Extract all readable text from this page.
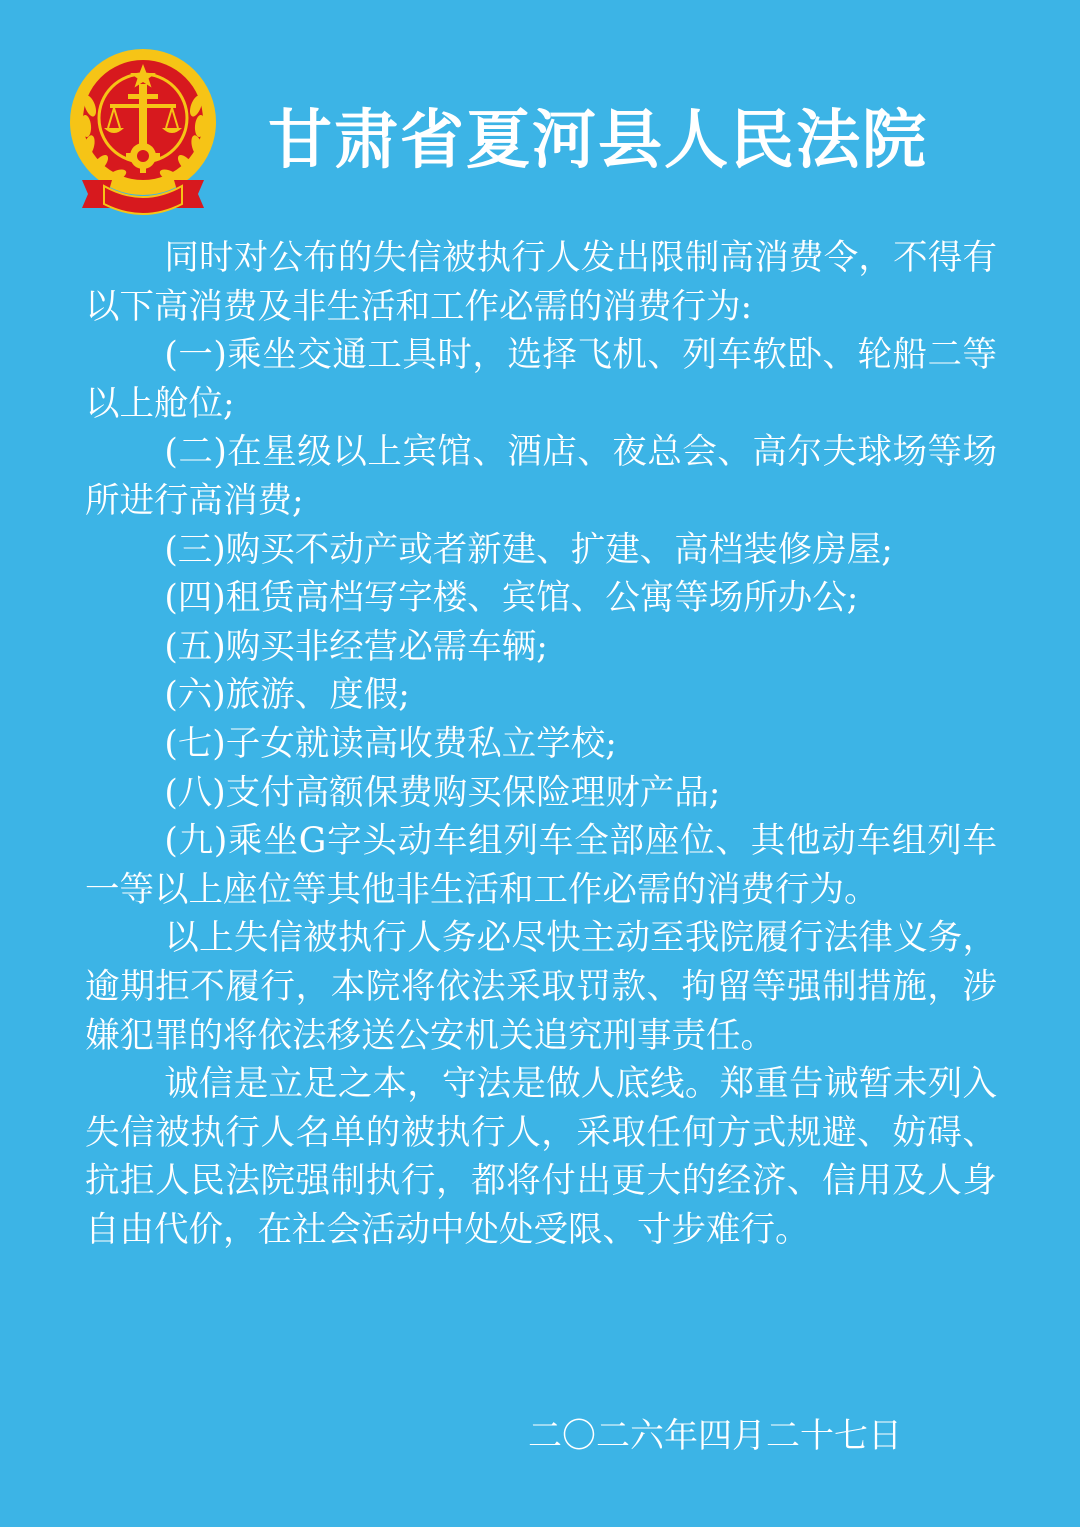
甘肃省夏河县人民法院

同时对公布的失信被执行人发出限制高消费令，不得有以下高消费及非生活和工作必需的消费行为:

(一)乘坐交通工具时，选择飞机、列车软卧、轮船二等以上舱位;

(二)在星级以上宾馆、酒店、夜总会、高尔夫球场等场所进行高消费;

(三)购买不动产或者新建、扩建、高档装修房屋;

(四)租赁高档写字楼、宾馆、公寓等场所办公;

(五)购买非经营必需车辆;

(六)旅游、度假;

(七)子女就读高收费私立学校;

(八)支付高额保费购买保险理财产品;

(九)乘坐G字头动车组列车全部座位、其他动车组列车一等以上座位等其他非生活和工作必需的消费行为。

以上失信被执行人务必尽快主动至我院履行法律义务，逾期拒不履行，本院将依法采取罚款、拘留等强制措施，涉嫌犯罪的将依法移送公安机关追究刑事责任。

诚信是立足之本，守法是做人底线。郑重告诫暂未列入失信被执行人名单的被执行人，采取任何方式规避、妨碍、抗拒人民法院强制执行，都将付出更大的经济、信用及人身自由代价，在社会活动中处处受限、寸步难行。

二〇二六年四月二十七日
